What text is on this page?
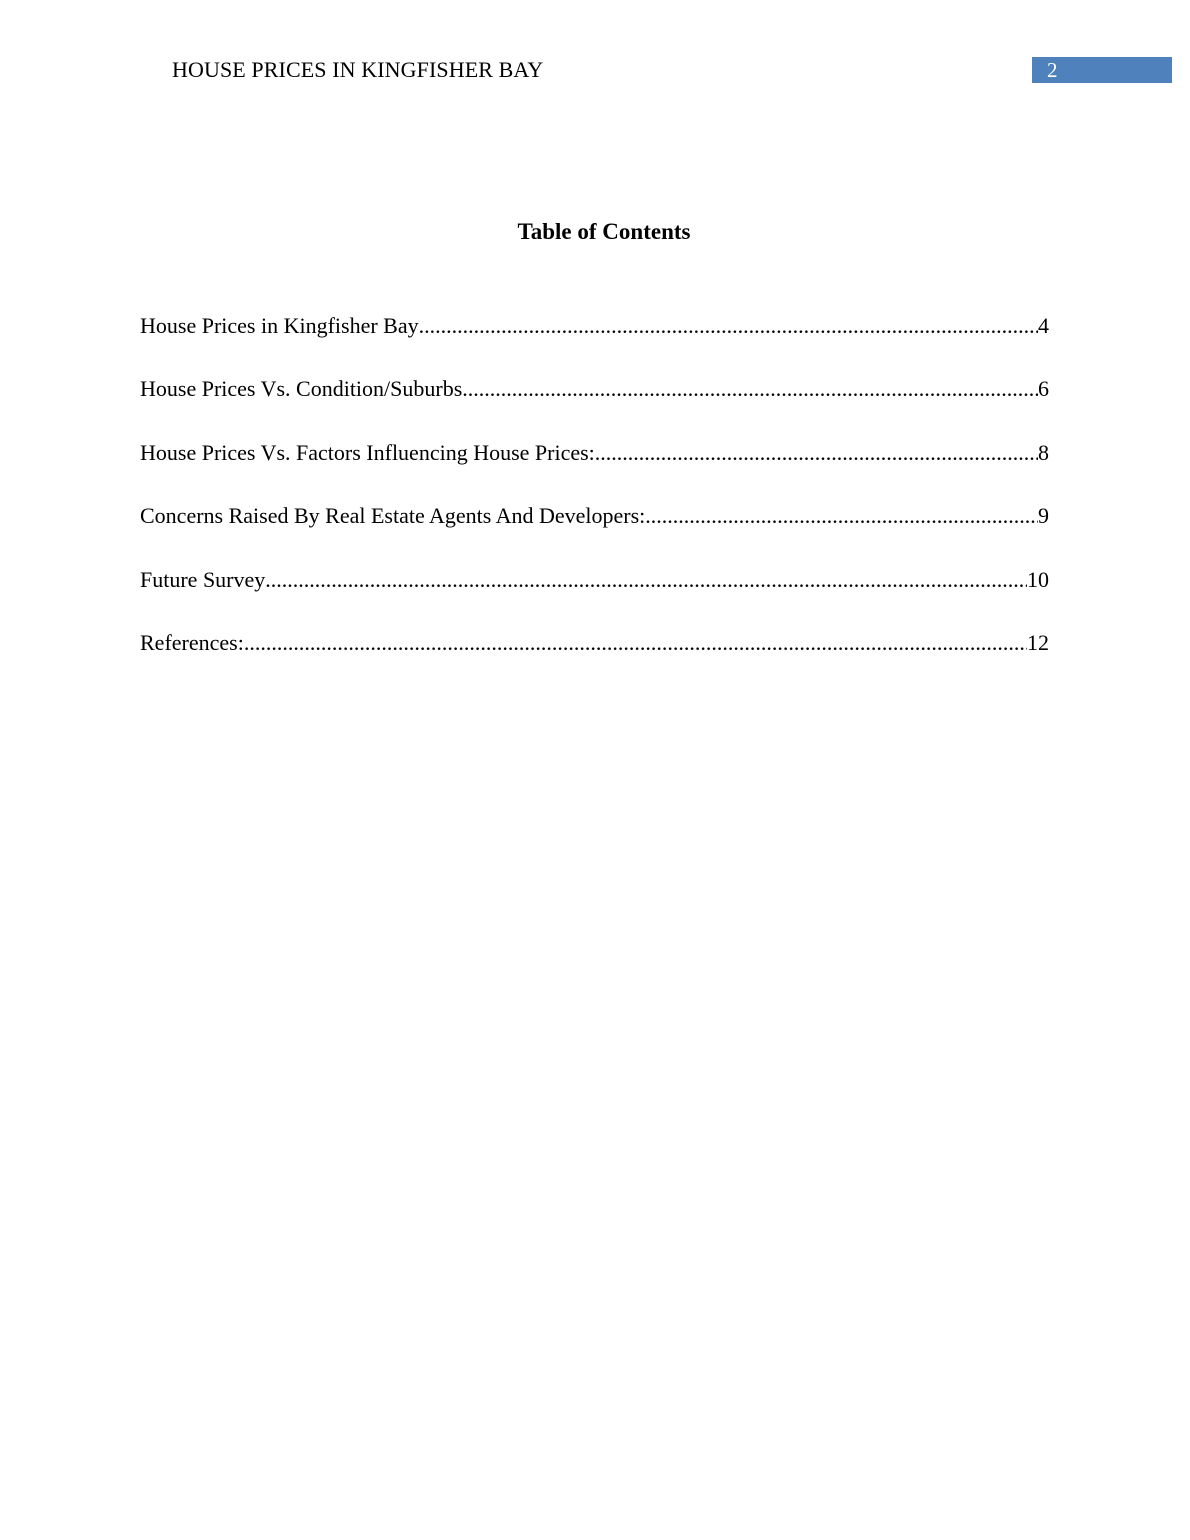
HOUSE PRICES IN KINGFISHER BAY	2
Table of Contents
House Prices in Kingfisher Bay .....	4
House Prices Vs. Condition/Suburbs .....	6
House Prices Vs. Factors Influencing House Prices: .....	8
Concerns Raised By Real Estate Agents And Developers: .....	9
Future Survey .....	10
References: .....	12
